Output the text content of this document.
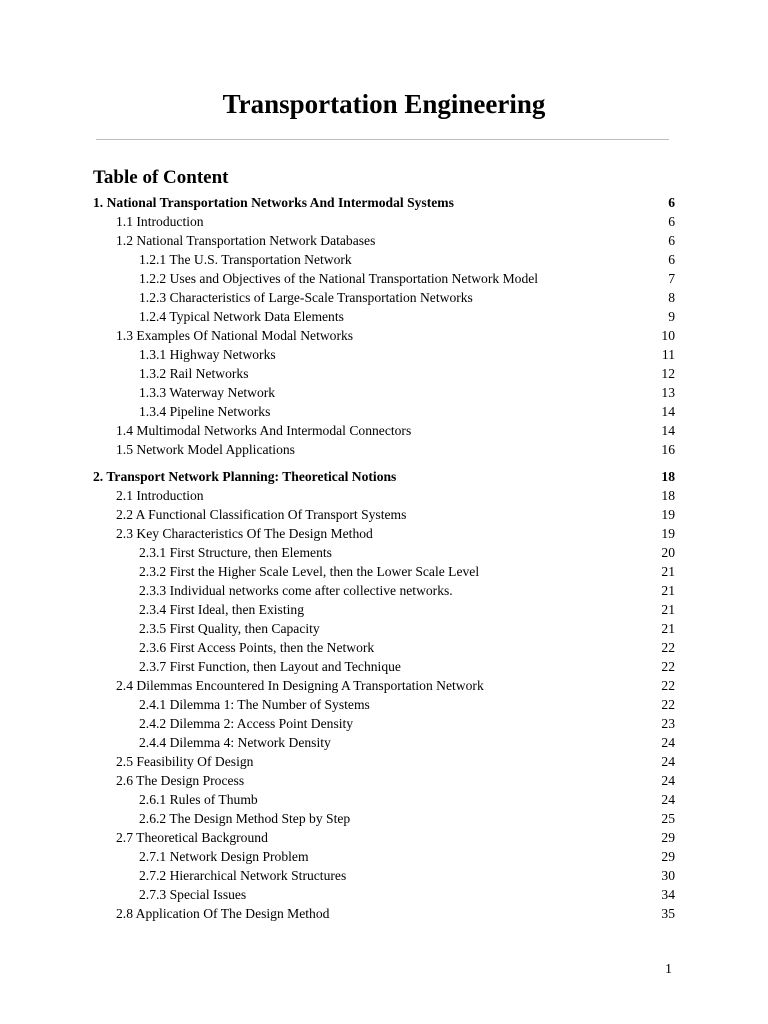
Transportation Engineering
Table of Content
1. National Transportation Networks And Intermodal Systems	6
1.1 Introduction	6
1.2 National Transportation Network Databases	6
1.2.1 The U.S. Transportation Network	6
1.2.2 Uses and Objectives of the National Transportation Network Model	7
1.2.3 Characteristics of Large-Scale Transportation Networks	8
1.2.4 Typical Network Data Elements	9
1.3 Examples Of National Modal Networks	10
1.3.1 Highway Networks	11
1.3.2 Rail Networks	12
1.3.3 Waterway Network	13
1.3.4 Pipeline Networks	14
1.4 Multimodal Networks And Intermodal Connectors	14
1.5 Network Model Applications	16
2. Transport Network Planning: Theoretical Notions	18
2.1 Introduction	18
2.2 A Functional Classification Of Transport Systems	19
2.3 Key Characteristics Of The Design Method	19
2.3.1 First Structure, then Elements	20
2.3.2 First the Higher Scale Level, then the Lower Scale Level	21
2.3.3 Individual networks come after collective networks.	21
2.3.4 First Ideal, then Existing	21
2.3.5 First Quality, then Capacity	21
2.3.6 First Access Points, then the Network	22
2.3.7 First Function, then Layout and Technique	22
2.4 Dilemmas Encountered In Designing A Transportation Network	22
2.4.1 Dilemma 1: The Number of Systems	22
2.4.2 Dilemma 2: Access Point Density	23
2.4.4 Dilemma 4: Network Density	24
2.5 Feasibility Of Design	24
2.6 The Design Process	24
2.6.1 Rules of Thumb	24
2.6.2 The Design Method Step by Step	25
2.7 Theoretical Background	29
2.7.1 Network Design Problem	29
2.7.2 Hierarchical Network Structures	30
2.7.3 Special Issues	34
2.8 Application Of The Design Method	35
1
